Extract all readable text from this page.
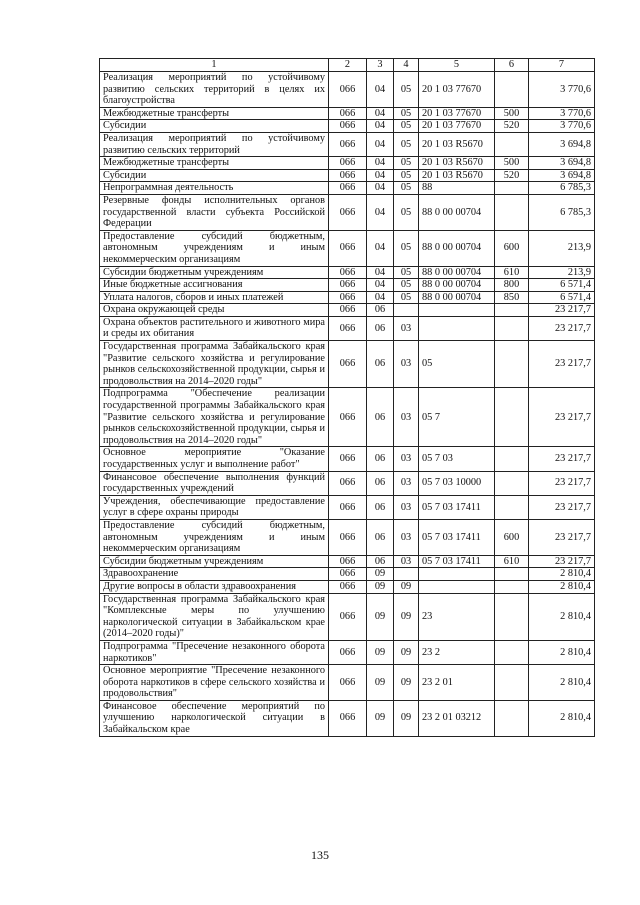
1	2	3	4	5	6	7
Реализация мероприятий по устойчивому развитию сельских территорий в целях их благоустройства	066	04	05	20 1 03 77670		3 770,6
Межбюджетные трансферты	066	04	05	20 1 03 77670	500	3 770,6
Субсидии	066	04	05	20 1 03 77670	520	3 770,6
Реализация мероприятий по устойчивому развитию сельских территорий	066	04	05	20 1 03 R5670		3 694,8
Межбюджетные трансферты	066	04	05	20 1 03 R5670	500	3 694,8
Субсидии	066	04	05	20 1 03 R5670	520	3 694,8
Непрограммная деятельность	066	04	05	88		6 785,3
Резервные фонды исполнительных органов государственной власти субъекта Российской Федерации	066	04	05	88 0 00 00704		6 785,3
Предоставление субсидий бюджетным, автономным учреждениям и иным некоммерческим организациям	066	04	05	88 0 00 00704	600	213,9
Субсидии бюджетным учреждениям	066	04	05	88 0 00 00704	610	213,9
Иные бюджетные ассигнования	066	04	05	88 0 00 00704	800	6 571,4
Уплата налогов, сборов и иных платежей	066	04	05	88 0 00 00704	850	6 571,4
Охрана окружающей среды	066	06				23 217,7
Охрана объектов растительного и животного мира и среды их обитания	066	06	03			23 217,7
Государственная программа Забайкальского края "Развитие сельского хозяйства и регулирование рынков сельскохозяйственной продукции, сырья и продовольствия на 2014–2020 годы"	066	06	03	05		23 217,7
Подпрограмма "Обеспечение реализации государственной программы Забайкальского края "Развитие сельского хозяйства и регулирование рынков сельскохозяйственной продукции, сырья и продовольствия на 2014–2020 годы"	066	06	03	05 7		23 217,7
Основное мероприятие "Оказание государственных услуг и выполнение работ"	066	06	03	05 7 03		23 217,7
Финансовое обеспечение выполнения функций государственных учреждений	066	06	03	05 7 03 10000		23 217,7
Учреждения, обеспечивающие предоставление услуг в сфере охраны природы	066	06	03	05 7 03 17411		23 217,7
Предоставление субсидий бюджетным, автономным учреждениям и иным некоммерческим организациям	066	06	03	05 7 03 17411	600	23 217,7
Субсидии бюджетным учреждениям	066	06	03	05 7 03 17411	610	23 217,7
Здравоохранение	066	09				2 810,4
Другие вопросы в области здравоохранения	066	09	09			2 810,4
Государственная программа Забайкальского края "Комплексные меры по улучшению наркологической ситуации в Забайкальском крае (2014–2020 годы)"	066	09	09	23		2 810,4
Подпрограмма "Пресечение незаконного оборота наркотиков"	066	09	09	23 2		2 810,4
Основное мероприятие "Пресечение незаконного оборота наркотиков в сфере сельского хозяйства и продовольствия"	066	09	09	23 2 01		2 810,4
Финансовое обеспечение мероприятий по улучшению наркологической ситуации в Забайкальском крае	066	09	09	23 2 01 03212		2 810,4
135
